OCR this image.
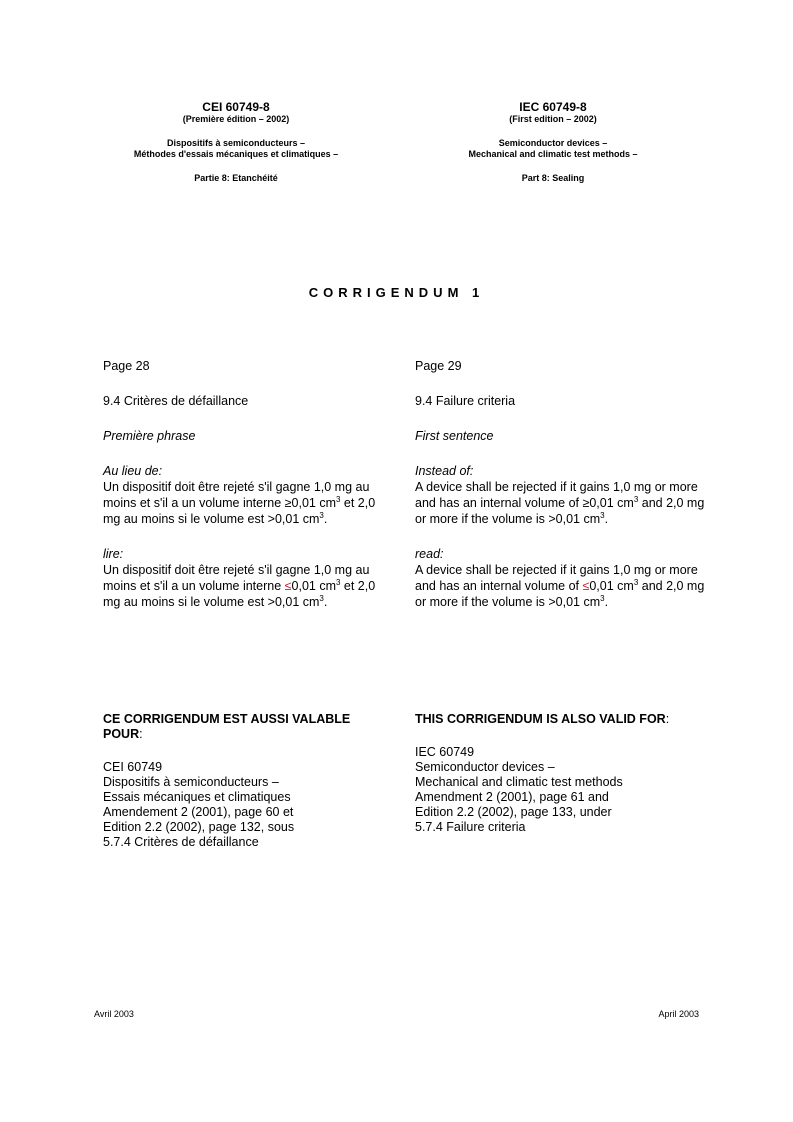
CEI 60749-8
(Première édition – 2002)
Dispositifs à semiconducteurs –
Méthodes d'essais mécaniques et climatiques –
Partie 8: Etanchéité
IEC 60749-8
(First edition – 2002)
Semiconductor devices –
Mechanical and climatic test methods –
Part 8: Sealing
CORRIGENDUM 1

Page 28

9.4 Critères de défaillance

Première phrase

Au lieu de:

Un dispositif doit être rejeté s'il gagne 1,0 mg au moins et s'il a un volume interne ≥0,01 $cm^3$ et 2,0 mg au moins si le volume est >0,01 $cm^3$.

lire:

Un dispositif doit être rejeté s'il gagne 1,0 mg au moins et s'il a un volume interne ≤0,01 $cm^3$ et 2,0 mg au moins si le volume est >0,01 $cm^3$.

Page 29

9.4 Failure criteria

First sentence

Instead of:

A device shall be rejected if it gains 1,0 mg or more and has an internal volume of ≥0,01 $cm^3$ and 2,0 mg or more if the volume is >0,01 $cm^3$.

read:

A device shall be rejected if it gains 1,0 mg or more and has an internal volume of ≤0,01 $cm^3$ and 2,0 mg or more if the volume is >0,01 $cm^3$.

CE CORRIGENDUM EST AUSSI VALABLE POUR:
CEI 60749
Dispositifs à semiconducteurs –
Essais mécaniques et climatiques
Amendement 2 (2001), page 60 et
Edition 2.2 (2002), page 132, sous
5.7.4 Critères de défaillance
THIS CORRIGENDUM IS ALSO VALID FOR:
IEC 60749
Semiconductor devices –
Mechanical and climatic test methods
Amendment 2 (2001), page 61 and
Edition 2.2 (2002), page 133, under
5.7.4 Failure criteria
Avril 2003	April 2003
